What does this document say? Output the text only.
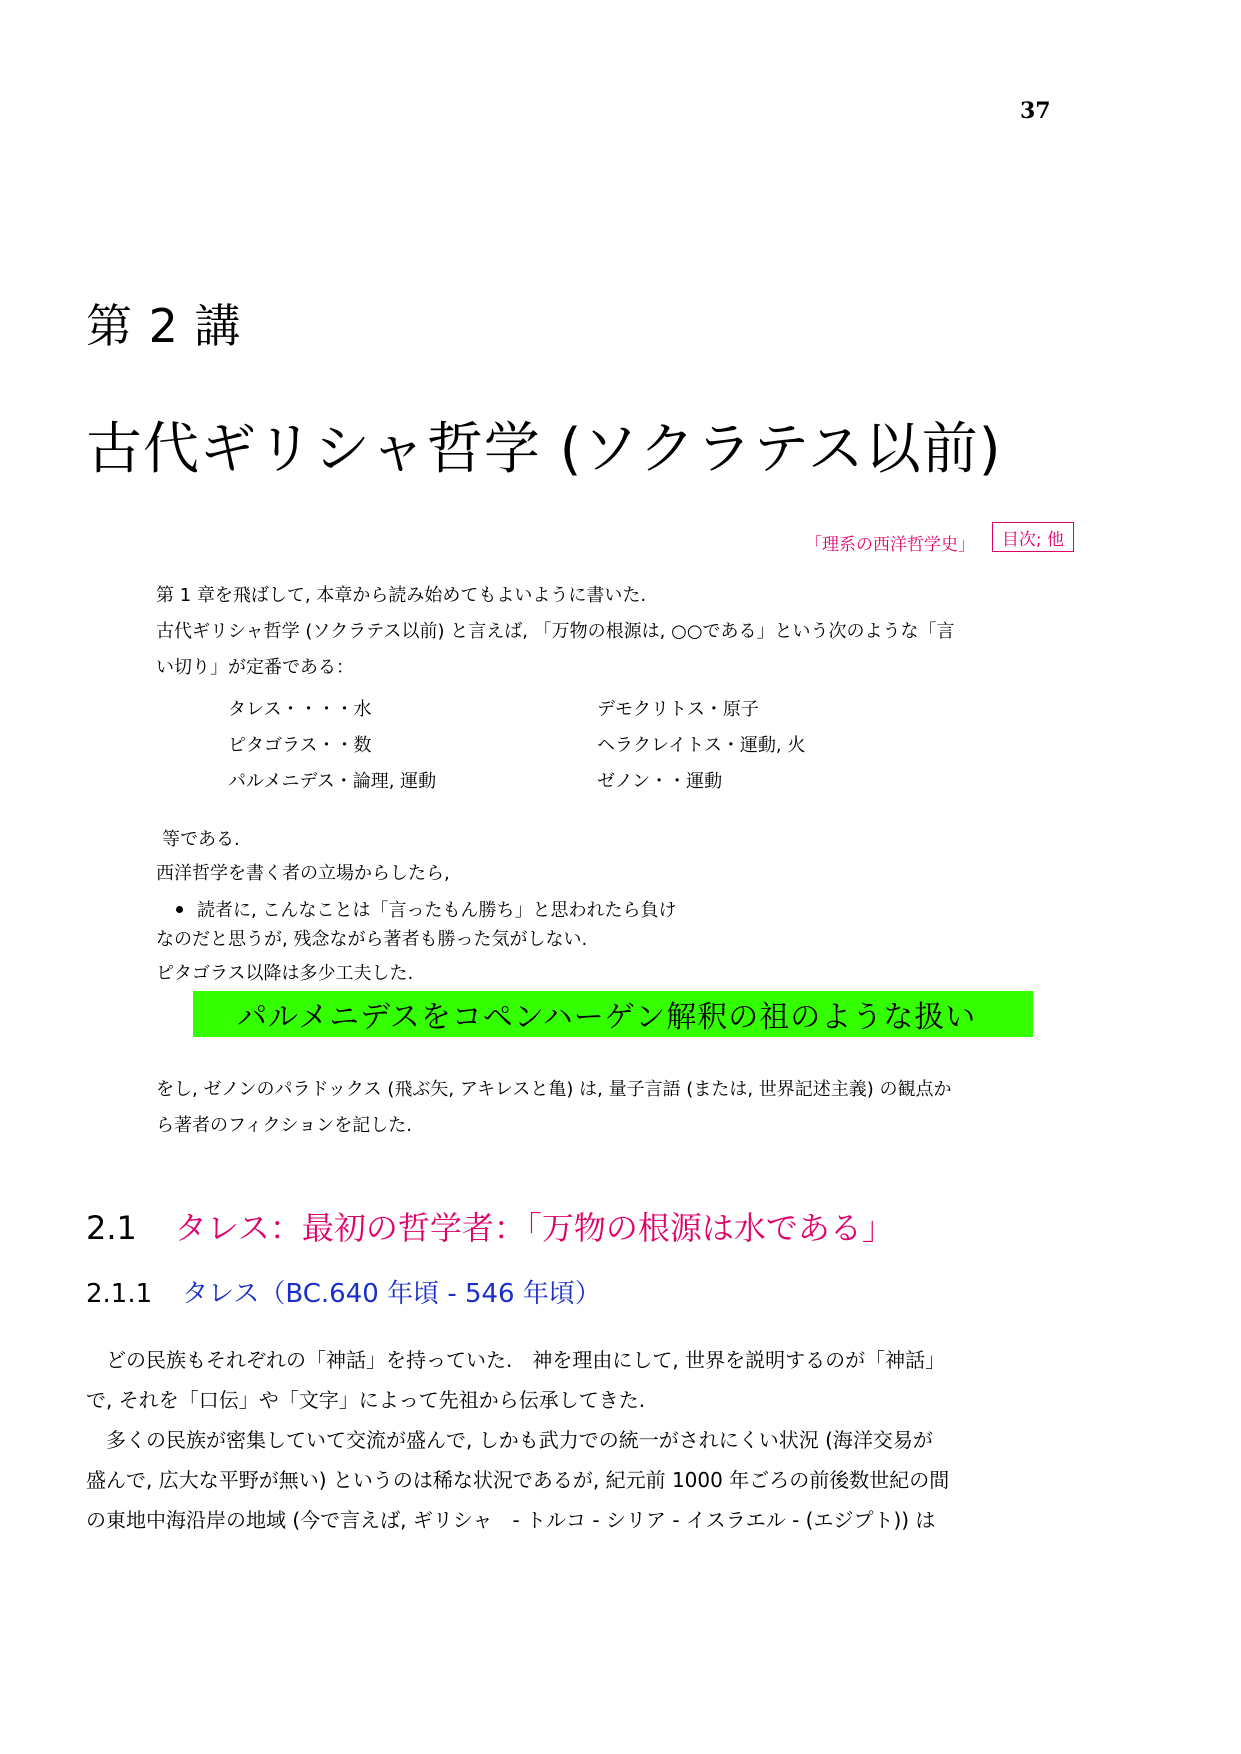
37
第 2 講
古代ギリシャ哲学 (ソクラテス以前)
「理系の西洋哲学史」 目次; 他
第 1 章を飛ばして, 本章から読み始めてもよいように書いた.
古代ギリシャ哲学 (ソクラテス以前) と言えば, 「万物の根源は, ○○である」という次のような「言
い切り」が定番である：
タレス・・・・水
ピタゴラス・・数
パルメニデス・論理, 運動
デモクリトス・原子
ヘラクレイトス・運動, 火
ゼノン・・運動
等である.
西洋哲学を書く者の立場からしたら,
読者に, こんなことは「言ったもん勝ち」と思われたら負け
なのだと思うが, 残念ながら著者も勝った気がしない.
ピタゴラス以降は多少工夫した.
パルメニデスをコペンハーゲン解釈の祖のような扱い
をし, ゼノンのパラドックス (飛ぶ矢, アキレスと亀) は, 量子言語 (または, 世界記述主義) の観点か
ら著者のフィクションを記した.
2.1 タレス：最初の哲学者：「万物の根源は水である」
2.1.1 タレス（BC.640 年頃 - 546 年頃）
　どの民族もそれぞれの「神話」を持っていた.　神を理由にして, 世界を説明するのが「神話」
で, それを「口伝」や「文字」によって先祖から伝承してきた.
　多くの民族が密集していて交流が盛んで, しかも武力での統一がされにくい状況 (海洋交易が
盛んで, 広大な平野が無い) というのは稀な状況であるが, 紀元前 1000 年ごろの前後数世紀の間
の東地中海沿岸の地域 (今で言えば, ギリシャ　- トルコ - シリア - イスラエル - (エジプト)) は
